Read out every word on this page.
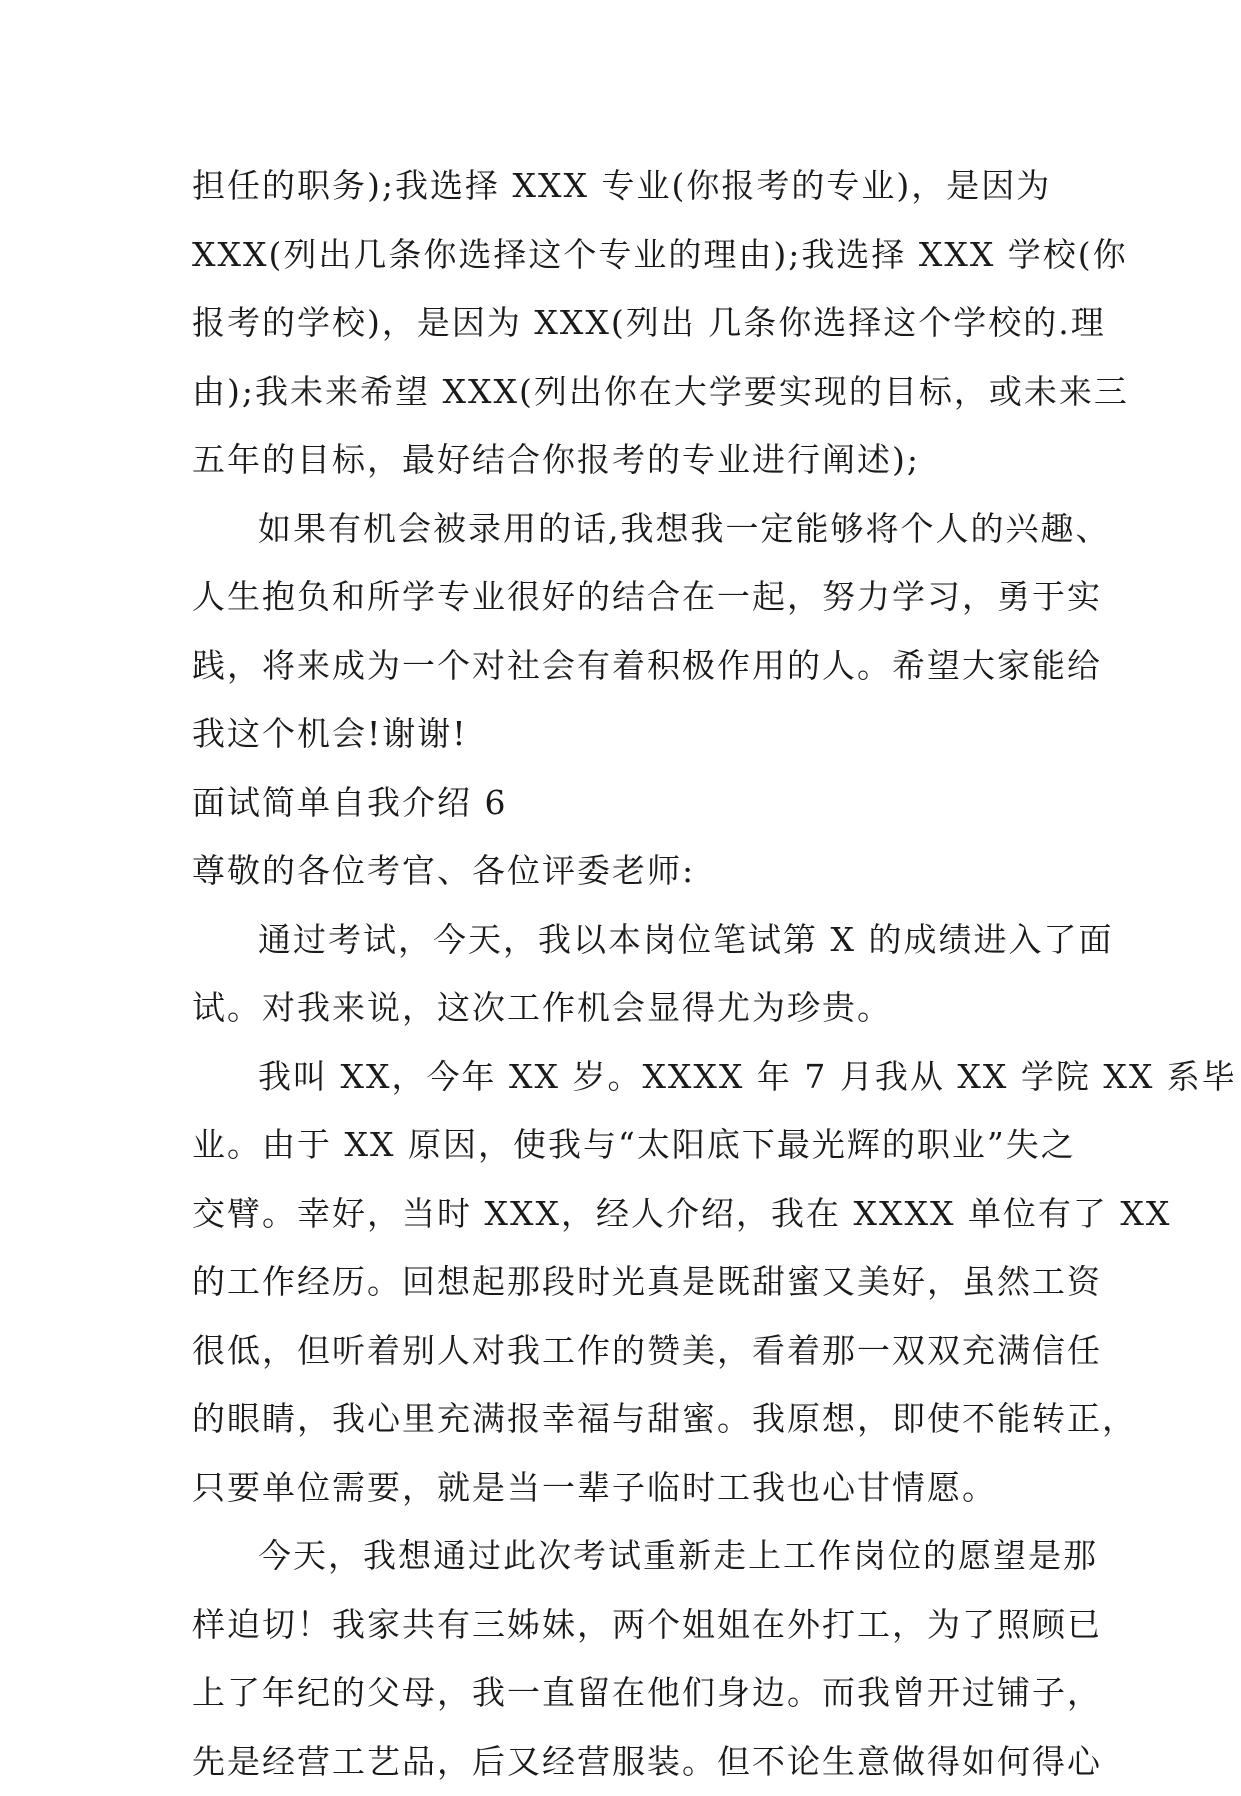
担任的职务);我选择 XXX 专业(你报考的专业)，是因为
XXX(列出几条你选择这个专业的理由);我选择 XXX 学校(你
报考的学校)，是因为 XXX(列出 几条你选择这个学校的.理
由);我未来希望 XXX(列出你在大学要实现的目标，或未来三
五年的目标，最好结合你报考的专业进行阐述);
如果有机会被录用的话,我想我一定能够将个人的兴趣、
人生抱负和所学专业很好的结合在一起，努力学习，勇于实
践，将来成为一个对社会有着积极作用的人。希望大家能给
我这个机会!谢谢!
面试简单自我介绍 6
尊敬的各位考官、各位评委老师:
通过考试，今天，我以本岗位笔试第 X 的成绩进入了面
试。对我来说，这次工作机会显得尤为珍贵。
我叫 XX，今年 XX 岁。XXXX 年 7 月我从 XX 学院 XX 系毕
业。由于 XX 原因，使我与“太阳底下最光辉的职业”失之
交臂。幸好，当时 XXX，经人介绍，我在 XXXX 单位有了 XX
的工作经历。回想起那段时光真是既甜蜜又美好，虽然工资
很低，但听着别人对我工作的赞美，看着那一双双充满信任
的眼睛，我心里充满报幸福与甜蜜。我原想，即使不能转正，
只要单位需要，就是当一辈子临时工我也心甘情愿。
今天，我想通过此次考试重新走上工作岗位的愿望是那
样迫切！我家共有三姊妹，两个姐姐在外打工，为了照顾已
上了年纪的父母，我一直留在他们身边。而我曾开过铺子，
先是经营工艺品，后又经营服装。但不论生意做得如何得心
